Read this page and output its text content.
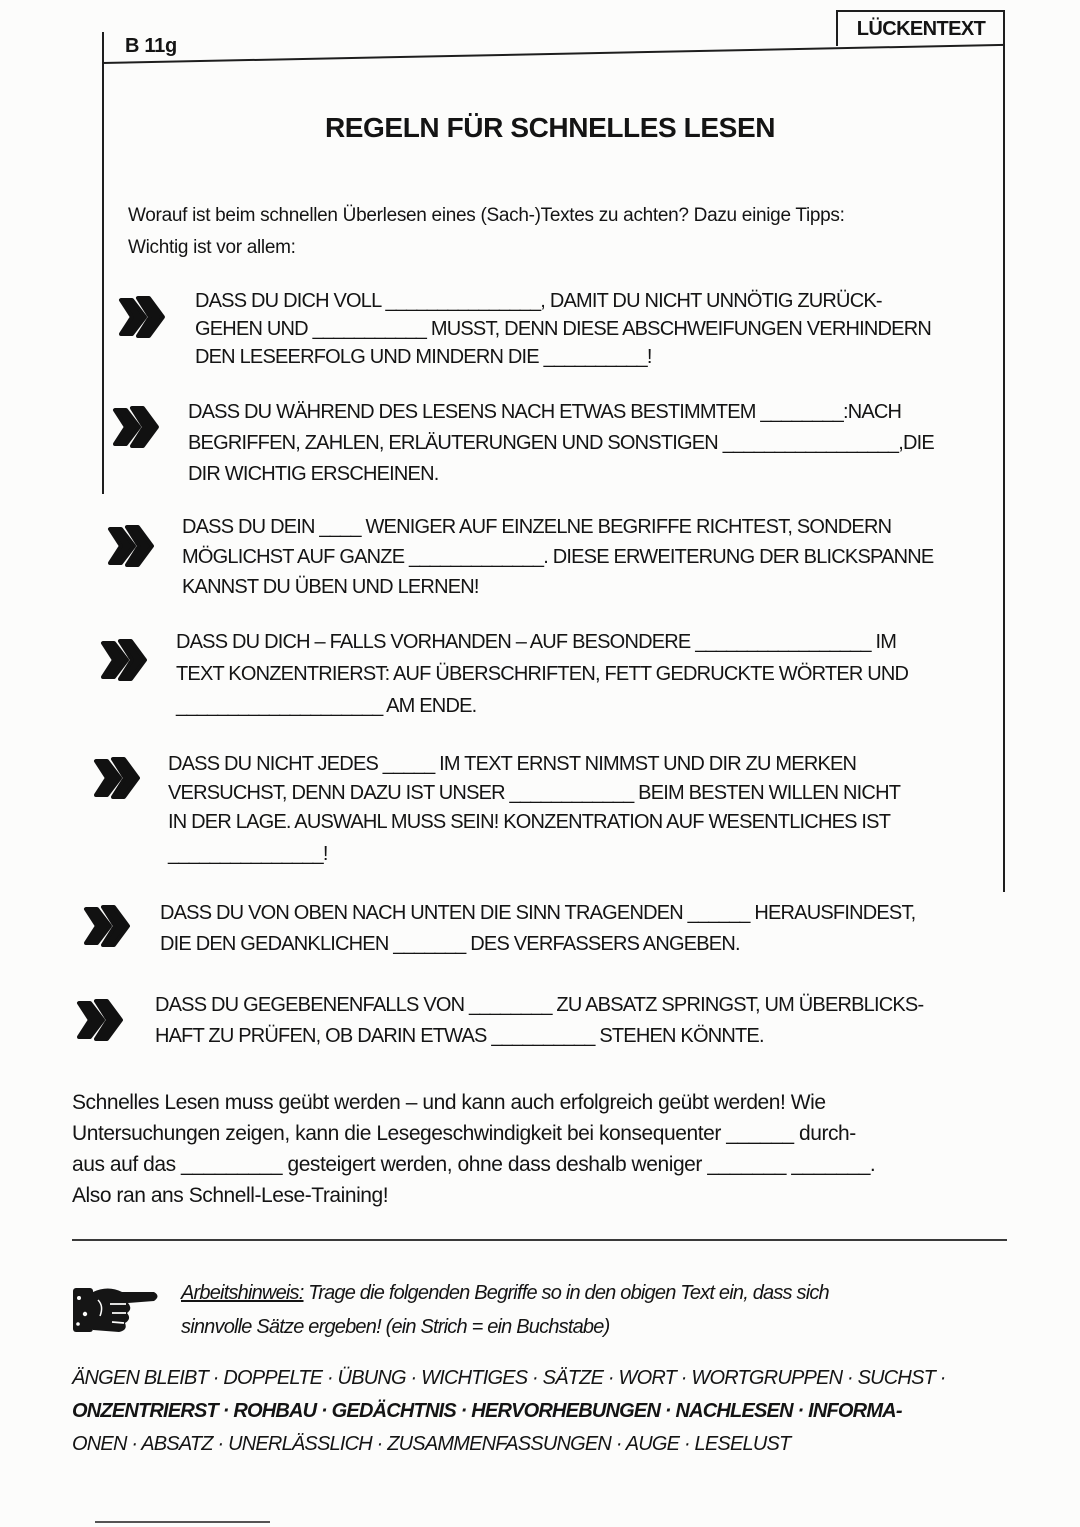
B 11g
LÜCKENTEXT
REGELN FÜR SCHNELLES LESEN
Worauf ist beim schnellen Überlesen eines (Sach-)Textes zu achten? Dazu einige Tipps:
Wichtig ist vor allem:
DASS DU DICH VOLL _______________, DAMIT DU NICHT UNNÖTIG ZURÜCK-
GEHEN UND ___________ MUSST, DENN DIESE ABSCHWEIFUNGEN VERHINDERN
DEN LESEERFOLG UND MINDERN DIE __________!
DASS DU WÄHREND DES LESENS NACH ETWAS BESTIMMTEM ________:NACH
BEGRIFFEN, ZAHLEN, ERLÄUTERUNGEN UND SONSTIGEN _________________,DIE
DIR WICHTIG ERSCHEINEN.
DASS DU DEIN ____ WENIGER AUF EINZELNE BEGRIFFE RICHTEST, SONDERN
MÖGLICHST AUF GANZE _____________. DIESE ERWEITERUNG DER BLICKSPANNE
KANNST DU ÜBEN UND LERNEN!
DASS DU DICH – FALLS VORHANDEN – AUF BESONDERE _________________ IM
TEXT KONZENTRIERST: AUF ÜBERSCHRIFTEN, FETT GEDRUCKTE WÖRTER UND
____________________ AM ENDE.
DASS DU NICHT JEDES _____ IM TEXT ERNST NIMMST UND DIR ZU MERKEN
VERSUCHST, DENN DAZU IST UNSER ____________ BEIM BESTEN WILLEN NICHT
IN DER LAGE. AUSWAHL MUSS SEIN! KONZENTRATION AUF WESENTLICHES IST
_______________!
DASS DU VON OBEN NACH UNTEN DIE SINN TRAGENDEN ______ HERAUSFINDEST,
DIE DEN GEDANKLICHEN _______ DES VERFASSERS ANGEBEN.
DASS DU GEGEBENENFALLS VON ________ ZU ABSATZ SPRINGST, UM ÜBERBLICKS-
HAFT ZU PRÜFEN, OB DARIN ETWAS __________ STEHEN KÖNNTE.
Schnelles Lesen muss geübt werden – und kann auch erfolgreich geübt werden! Wie
Untersuchungen zeigen, kann die Lesegeschwindigkeit bei konsequenter ______ durch-
aus auf das _________ gesteigert werden, ohne dass deshalb weniger _______ _______.
Also ran ans Schnell-Lese-Training!
Arbeitshinweis: Trage die folgenden Begriffe so in den obigen Text ein, dass sich
sinnvolle Sätze ergeben! (ein Strich = ein Buchstabe)
ÄNGEN BLEIBT · DOPPELTE · ÜBUNG · WICHTIGES · SÄTZE · WORT · WORTGRUPPEN · SUCHST ·
ONZENTRIERST · ROHBAU · GEDÄCHTNIS · HERVORHEBUNGEN · NACHLESEN · INFORMA-
ONEN · ABSATZ · UNERLÄSSLICH · ZUSAMMENFASSUNGEN · AUGE · LESELUST
